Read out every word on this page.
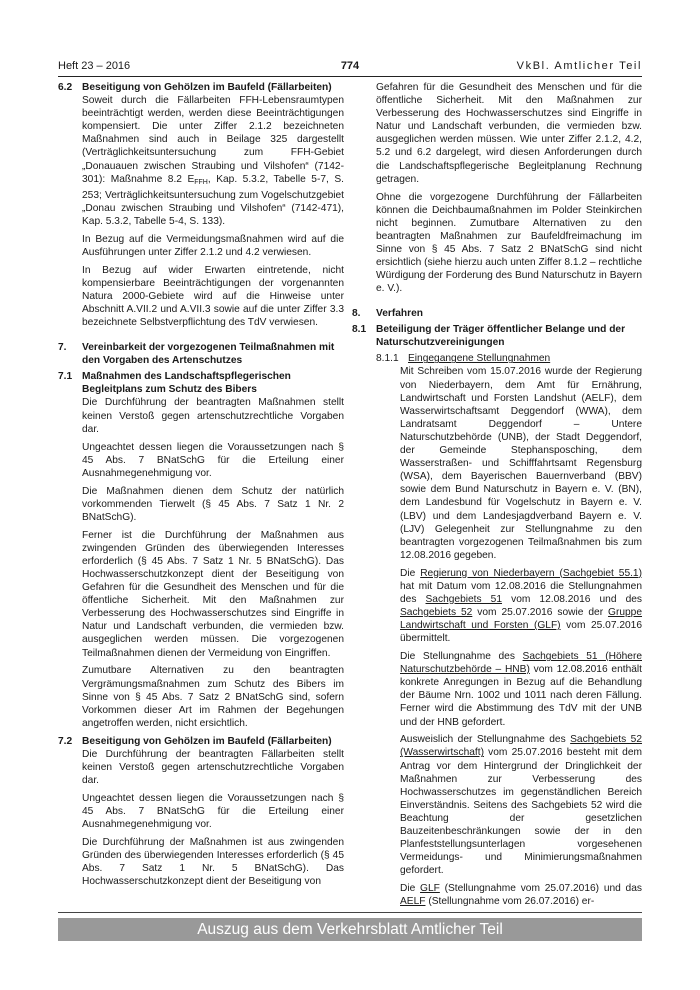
Heft 23 – 2016	774	VkBl. Amtlicher Teil
6.2 Beseitigung von Gehölzen im Baufeld (Fällarbeiten)

Soweit durch die Fällarbeiten FFH-Lebensraumtypen beeinträchtigt werden, werden diese Beeinträchtigungen kompensiert. Die unter Ziffer 2.1.2 bezeichneten Maßnahmen sind auch in Beilage 325 dargestellt (Verträglichkeitsuntersuchung zum FFH-Gebiet „Donauauen zwischen Straubing und Vilshofen“ (7142-301): Maßnahme 8.2 EFFH, Kap. 5.3.2, Tabelle 5-7, S. 253; Verträglichkeitsuntersuchung zum Vogelschutzgebiet „Donau zwischen Straubing und Vilshofen“ (7142-471), Kap. 5.3.2, Tabelle 5-4, S. 133).

In Bezug auf die Vermeidungsmaßnahmen wird auf die Ausführungen unter Ziffer 2.1.2 und 4.2 verwiesen.

In Bezug auf wider Erwarten eintretende, nicht kompensierbare Beeinträchtigungen der vorgenannten Natura 2000-Gebiete wird auf die Hinweise unter Abschnitt A.VII.2 und A.VII.3 sowie auf die unter Ziffer 3.3 bezeichnete Selbstverpflichtung des TdV verwiesen.

7.	Vereinbarkeit der vorgezogenen Teilmaßnahmen mit den Vorgaben des Artenschutzes
7.1 Maßnahmen des Landschaftspflegerischen Begleitplans zum Schutz des Bibers

Die Durchführung der beantragten Maßnahmen stellt keinen Verstoß gegen artenschutzrechtliche Vorgaben dar.

Ungeachtet dessen liegen die Voraussetzungen nach § 45 Abs. 7 BNatSchG für die Erteilung einer Ausnahmegenehmigung vor.

Die Maßnahmen dienen dem Schutz der natürlich vorkommenden Tierwelt (§ 45 Abs. 7 Satz 1 Nr. 2 BNatSchG).

Ferner ist die Durchführung der Maßnahmen aus zwingenden Gründen des überwiegenden Interesses erforderlich (§ 45 Abs. 7 Satz 1 Nr. 5 BNatSchG). Das Hochwasserschutzkonzept dient der Beseitigung von Gefahren für die Gesundheit des Menschen und für die öffentliche Sicherheit. Mit den Maßnahmen zur Verbesserung des Hochwasserschutzes sind Eingriffe in Natur und Landschaft verbunden, die vermieden bzw. ausgeglichen werden müssen. Die vorgezogenen Teilmaßnahmen dienen der Vermeidung von Eingriffen.

Zumutbare Alternativen zu den beantragten Vergrämungsmaßnahmen zum Schutz des Bibers im Sinne von § 45 Abs. 7 Satz 2 BNatSchG sind, sofern Vorkommen dieser Art im Rahmen der Begehungen angetroffen werden, nicht ersichtlich.

7.2 Beseitigung von Gehölzen im Baufeld (Fällarbeiten)

Die Durchführung der beantragten Fällarbeiten stellt keinen Verstoß gegen artenschutzrechtliche Vorgaben dar.

Ungeachtet dessen liegen die Voraussetzungen nach § 45 Abs. 7 BNatSchG für die Erteilung einer Ausnahmegenehmigung vor.

Die Durchführung der Maßnahmen ist aus zwingenden Gründen des überwiegenden Interesses erforderlich (§ 45 Abs. 7 Satz 1 Nr. 5 BNatSchG). Das Hochwasserschutzkonzept dient der Beseitigung von

Gefahren für die Gesundheit des Menschen und für die öffentliche Sicherheit. Mit den Maßnahmen zur Verbesserung des Hochwasserschutzes sind Eingriffe in Natur und Landschaft verbunden, die vermieden bzw. ausgeglichen werden müssen. Wie unter Ziffer 2.1.2, 4.2, 5.2 und 6.2 dargelegt, wird diesen Anforderungen durch die Landschaftspflegerische Begleitplanung Rechnung getragen.

Ohne die vorgezogene Durchführung der Fällarbeiten können die Deichbaumaßnahmen im Polder Steinkirchen nicht beginnen. Zumutbare Alternativen zu den beantragten Maßnahmen zur Baufeldfreimachung im Sinne von § 45 Abs. 7 Satz 2 BNatSchG sind nicht ersichtlich (siehe hierzu auch unten Ziffer 8.1.2 – rechtliche Würdigung der Forderung des Bund Naturschutz in Bayern e. V.).

8.	Verfahren
8.1 Beteiligung der Träger öffentlicher Belange und der Naturschutzvereinigungen
8.1.1 Eingegangene Stellungnahmen

Mit Schreiben vom 15.07.2016 wurde der Regierung von Niederbayern, dem Amt für Ernährung, Landwirtschaft und Forsten Landshut (AELF), dem Wasserwirtschaftsamt Deggendorf (WWA), dem Landratsamt Deggendorf – Untere Naturschutzbehörde (UNB), der Stadt Deggendorf, der Gemeinde Stephansposching, dem Wasserstraßen- und Schifffahrtsamt Regensburg (WSA), dem Bayerischen Bauernverband (BBV) sowie dem Bund Naturschutz in Bayern e. V. (BN), dem Landesbund für Vogelschutz in Bayern e. V. (LBV) und dem Landesjagdverband Bayern e. V. (LJV) Gelegenheit zur Stellungnahme zu den beantragten vorgezogenen Teilmaßnahmen bis zum 12.08.2016 gegeben.

Die Regierung von Niederbayern (Sachgebiet 55.1) hat mit Datum vom 12.08.2016 die Stellungnahmen des Sachgebiets 51 vom 12.08.2016 und des Sachgebiets 52 vom 25.07.2016 sowie der Gruppe Landwirtschaft und Forsten (GLF) vom 25.07.2016 übermittelt.

Die Stellungnahme des Sachgebiets 51 (Höhere Naturschutzbehörde – HNB) vom 12.08.2016 enthält konkrete Anregungen in Bezug auf die Behandlung der Bäume Nrn. 1002 und 1011 nach deren Fällung. Ferner wird die Abstimmung des TdV mit der UNB und der HNB gefordert.

Ausweislich der Stellungnahme des Sachgebiets 52 (Wasserwirtschaft) vom 25.07.2016 besteht mit dem Antrag vor dem Hintergrund der Dringlichkeit der Maßnahmen zur Verbesserung des Hochwasserschutzes im gegenständlichen Bereich Einverständnis. Seitens des Sachgebiets 52 wird die Beachtung der gesetzlichen Bauzeitenbeschränkungen sowie der in den Planfeststellungsunterlagen vorgesehenen Vermeidungs- und Minimierungsmaßnahmen gefordert.

Die GLF (Stellungnahme vom 25.07.2016) und das AELF (Stellungnahme vom 26.07.2016) er-

Auszug aus dem Verkehrsblatt Amtlicher Teil
